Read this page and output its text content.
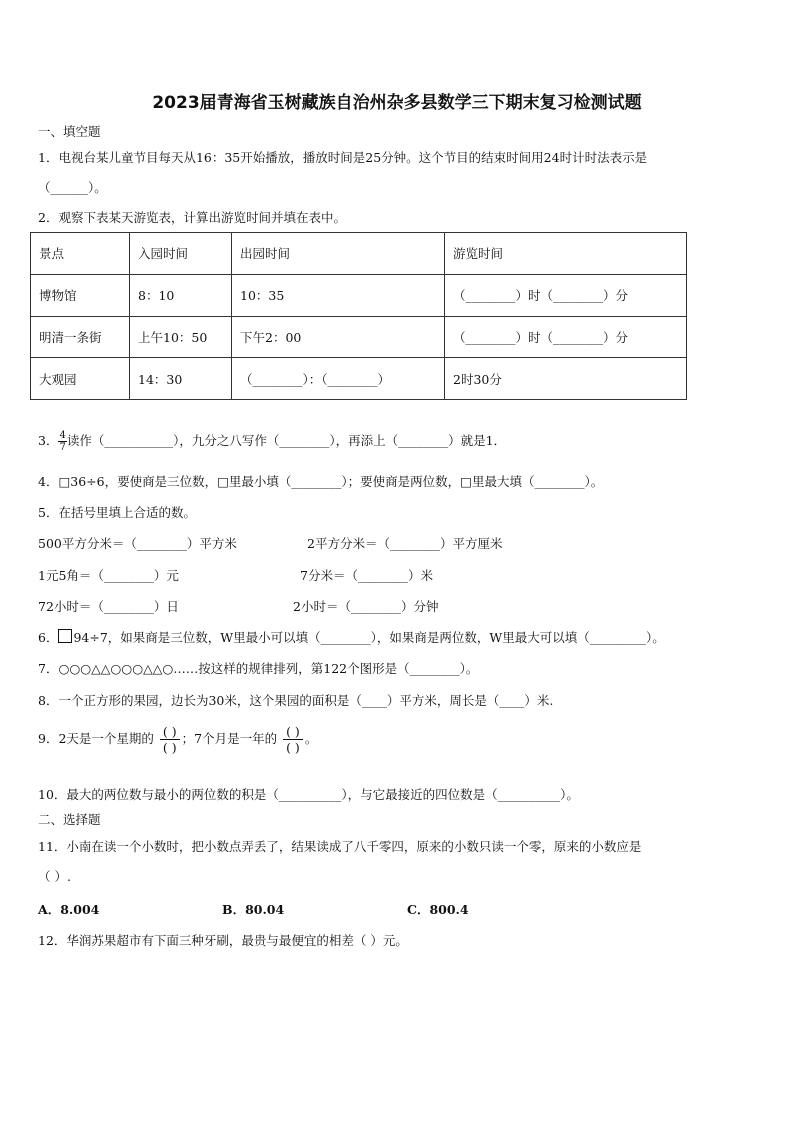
2023届青海省玉树藏族自治州杂多县数学三下期末复习检测试题
一、填空题
1．电视台某儿童节目每天从16：35开始播放，播放时间是25分钟。这个节目的结束时间用24时计时法表示是
（______）。
2．观察下表某天游览表，计算出游览时间并填在表中。
景点	入园时间	出园时间	游览时间
博物馆	8：10	10：35	（________）时（________）分
明清一条街	上午10：50	下午2：00	（________）时（________）分
大观园	14：30	（________）：（________）	2时30分
3． $\frac{4}{7}$读作（___________），九分之八写作（________），再添上（________）就是1．
4．□36÷6，要使商是三位数，□里最小填（________）；要使商是两位数，□里最大填（________）。
5．在括号里填上合适的数。
500平方分米＝（________）平方米	2平方分米＝（________）平方厘米
1元5角＝（________）元	7分米＝（________）米
72小时＝（________）日	2小时＝（________）分钟
6． 94÷7，如果商是三位数，W里最小可以填（________），如果商是两位数，W里最大可以填（_________）。
7．○○○△△○○○△△○……按这样的规律排列，第122个图形是（________）。
8．一个正方形的果园，边长为30米，这个果园的面积是（____）平方米，周长是（____）米.
9．2天是一个星期的 $\frac{( )}{( )}$ ；7个月是一年的 $\frac{( )}{( )}$ 。
10．最大的两位数与最小的两位数的积是（__________），与它最接近的四位数是（__________）。
二、选择题
11．小南在读一个小数时，把小数点弄丢了，结果读成了八千零四，原来的小数只读一个零，原来的小数应是
（ ）.
A．8.004	B．80.04	C．800.4
12．华润苏果超市有下面三种牙刷，最贵与最便宜的相差（ ）元。
